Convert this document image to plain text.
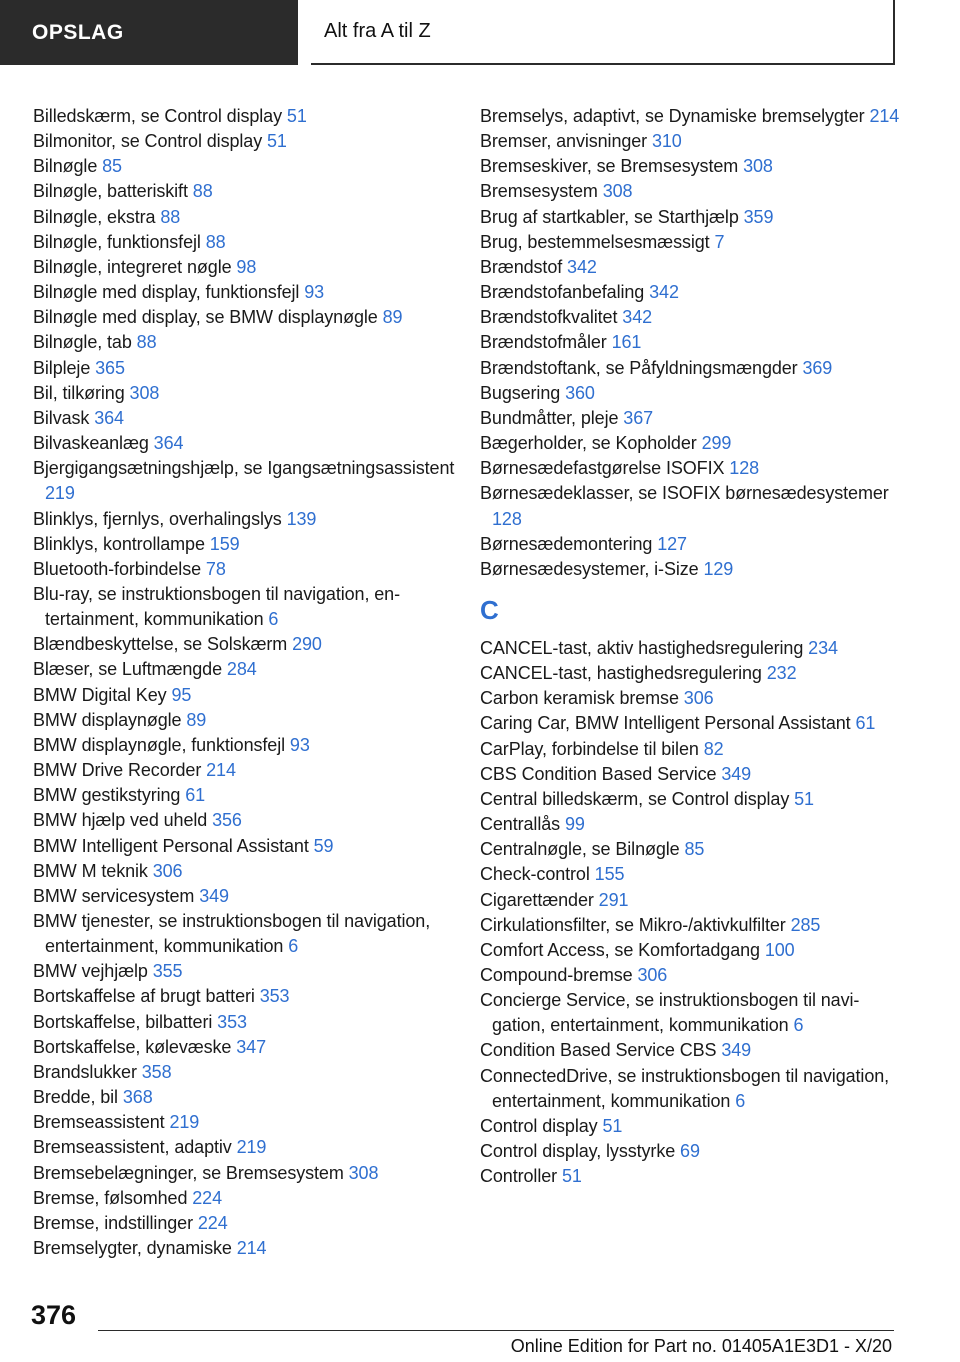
OPSLAG	Alt fra A til Z
Billedskærm, se Control display 51
Bilmonitor, se Control display 51
Bilnøgle 85
Bilnøgle, batteriskift 88
Bilnøgle, ekstra 88
Bilnøgle, funktionsfejl 88
Bilnøgle, integreret nøgle 98
Bilnøgle med display, funktionsfejl 93
Bilnøgle med display, se BMW displaynøgle 89
Bilnøgle, tab 88
Bilpleje 365
Bil, tilkøring 308
Bilvask 364
Bilvaskeanlæg 364
Bjergigangsætningshjælp, se Igangsætningsassistent 219
Blinklys, fjernlys, overhalingslys 139
Blinklys, kontrollampe 159
Bluetooth-forbindelse 78
Blu-ray, se instruktionsbogen til navigation, entertainment, kommunikation 6
Blændbeskyttelse, se Solskærm 290
Blæser, se Luftmængde 284
BMW Digital Key 95
BMW displaynøgle 89
BMW displaynøgle, funktionsfejl 93
BMW Drive Recorder 214
BMW gestikstyring 61
BMW hjælp ved uheld 356
BMW Intelligent Personal Assistant 59
BMW M teknik 306
BMW servicesystem 349
BMW tjenester, se instruktionsbogen til navigation, entertainment, kommunikation 6
BMW vejhjælp 355
Bortskaffelse af brugt batteri 353
Bortskaffelse, bilbatteri 353
Bortskaffelse, kølevæske 347
Brandslukker 358
Bredde, bil 368
Bremseassistent 219
Bremseassistent, adaptiv 219
Bremsebelægninger, se Bremsesystem 308
Bremse, følsomhed 224
Bremse, indstillinger 224
Bremselygter, dynamiske 214
Bremselys, adaptivt, se Dynamiske bremselygter 214
Bremser, anvisninger 310
Bremseskiver, se Bremsesystem 308
Bremsesystem 308
Brug af startkabler, se Starthjælp 359
Brug, bestemmelsesmæssigt 7
Brændstof 342
Brændstofanbefaling 342
Brændstofkvalitet 342
Brændstofmåler 161
Brændstoftank, se Påfyldningsmængder 369
Bugsering 360
Bundmåtter, pleje 367
Bægerholder, se Kopholder 299
Børnesædefastgørelse ISOFIX 128
Børnesædeklasser, se ISOFIX børnesædesystemer 128
Børnesædemontering 127
Børnesædesystemer, i-Size 129
C
CANCEL-tast, aktiv hastighedsregulering 234
CANCEL-tast, hastighedsregulering 232
Carbon keramisk bremse 306
Caring Car, BMW Intelligent Personal Assistant 61
CarPlay, forbindelse til bilen 82
CBS Condition Based Service 349
Central billedskærm, se Control display 51
Centrallås 99
Centralnøgle, se Bilnøgle 85
Check-control 155
Cigarettænder 291
Cirkulationsfilter, se Mikro-/aktivkulfilter 285
Comfort Access, se Komfortadgang 100
Compound-bremse 306
Concierge Service, se instruktionsbogen til navigation, entertainment, kommunikation 6
Condition Based Service CBS 349
ConnectedDrive, se instruktionsbogen til navigation, entertainment, kommunikation 6
Control display 51
Control display, lysstyrke 69
Controller 51
376
Online Edition for Part no. 01405A1E3D1 - X/20
